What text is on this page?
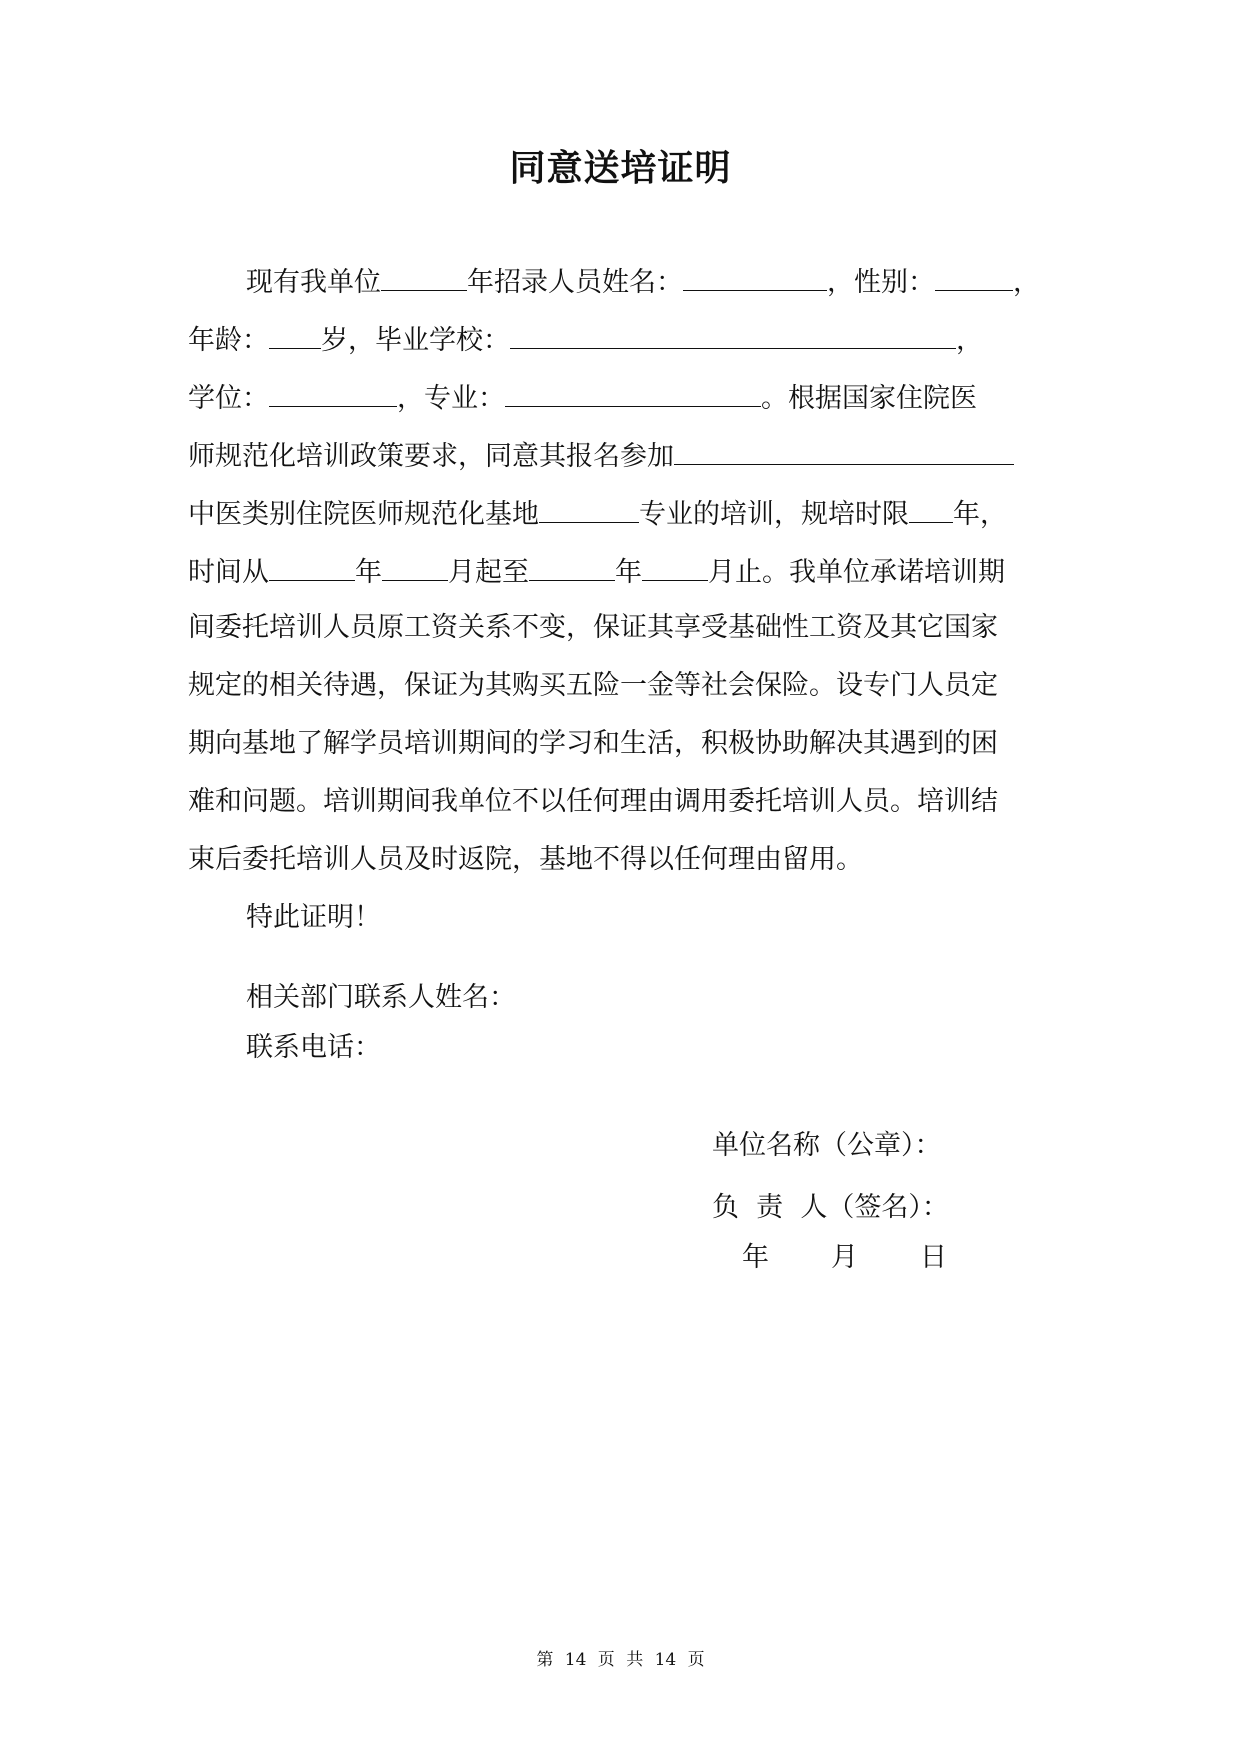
同意送培证明
现有我单位	年招录人员姓名：	，性别：	，
年龄： 岁，毕业学校：	，
学位：	，专业：	。根据国家住院医
师规范化培训政策要求，同意其报名参加
中医类别住院医师规范化基地	专业的培训，规培时限 年，
时间从	年 月起至	年 月止。我单位承诺培训期
间委托培训人员原工资关系不变，保证其享受基础性工资及其它国家
规定的相关待遇，保证为其购买五险一金等社会保险。设专门人员定
期向基地了解学员培训期间的学习和生活，积极协助解决其遇到的困
难和问题。培训期间我单位不以任何理由调用委托培训人员。培训结
束后委托培训人员及时返院，基地不得以任何理由留用。
特此证明！
相关部门联系人姓名：
联系电话：
单位名称（公章）：
负  责  人（签名）：
年 月 日
第 14 页 共 14 页
